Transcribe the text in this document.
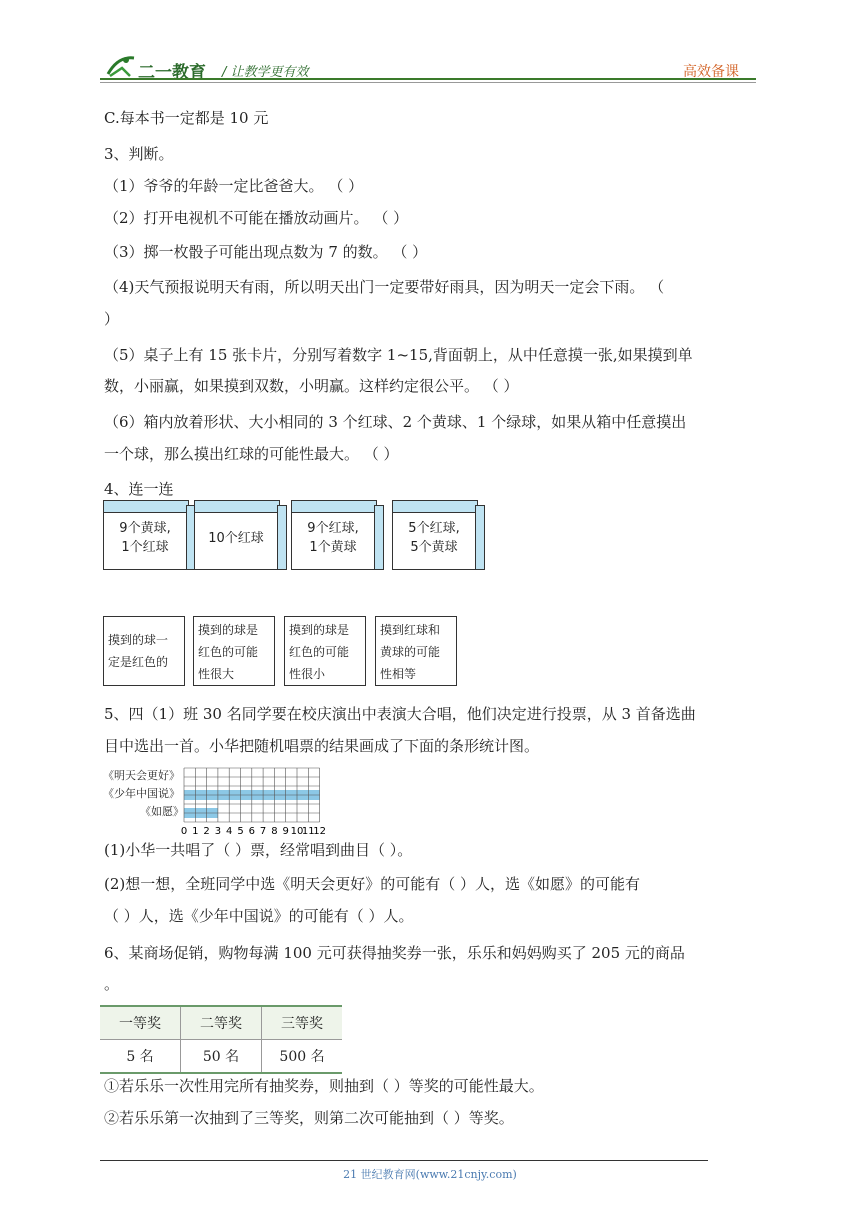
二一教育 / 让教学更有效	高效备课
C.每本书一定都是 10 元
3、判断。
（1）爷爷的年龄一定比爸爸大。 （ ）
（2）打开电视机不可能在播放动画片。 （ ）
（3）掷一枚骰子可能出现点数为 7 的数。 （ ）
（4)天气预报说明天有雨，所以明天出门一定要带好雨具，因为明天一定会下雨。 （
）
（5）桌子上有 15 张卡片，分别写着数字 1~15,背面朝上，从中任意摸一张,如果摸到单
数，小丽赢，如果摸到双数，小明赢。这样约定很公平。 （ ）
（6）箱内放着形状、大小相同的 3 个红球、2 个黄球、1 个绿球，如果从箱中任意摸出
一个球，那么摸出红球的可能性最大。 （ ）
4、连一连
9个黄球,
1个红球
10个红球
9个红球,
1个黄球
5个红球,
5个黄球
摸到的球一
定是红色的
摸到的球是
红色的可能
性很大
摸到的球是
红色的可能
性很小
摸到红球和
黄球的可能
性相等
5、四（1）班 30 名同学要在校庆演出中表演大合唱，他们决定进行投票，从 3 首备选曲
目中选出一首。小华把随机唱票的结果画成了下面的条形统计图。
《明天会更好》
《少年中国说》
《如愿》
0 1 2 3 4 5 6 7 8 9 10
11
12
(1)小华一共唱了（ ）票，经常唱到曲目（ ）。
(2)想一想，全班同学中选《明天会更好》的可能有（ ）人，选《如愿》的可能有
（ ）人，选《少年中国说》的可能有（ ）人。
6、某商场促销，购物每满 100 元可获得抽奖券一张，乐乐和妈妈购买了 205 元的商品
。
一等奖	二等奖	三等奖
5 名	50 名	500 名
①若乐乐一次性用完所有抽奖券，则抽到（ ）等奖的可能性最大。
②若乐乐第一次抽到了三等奖，则第二次可能抽到（ ）等奖。
21 世纪教育网(www.21cnjy.com)
